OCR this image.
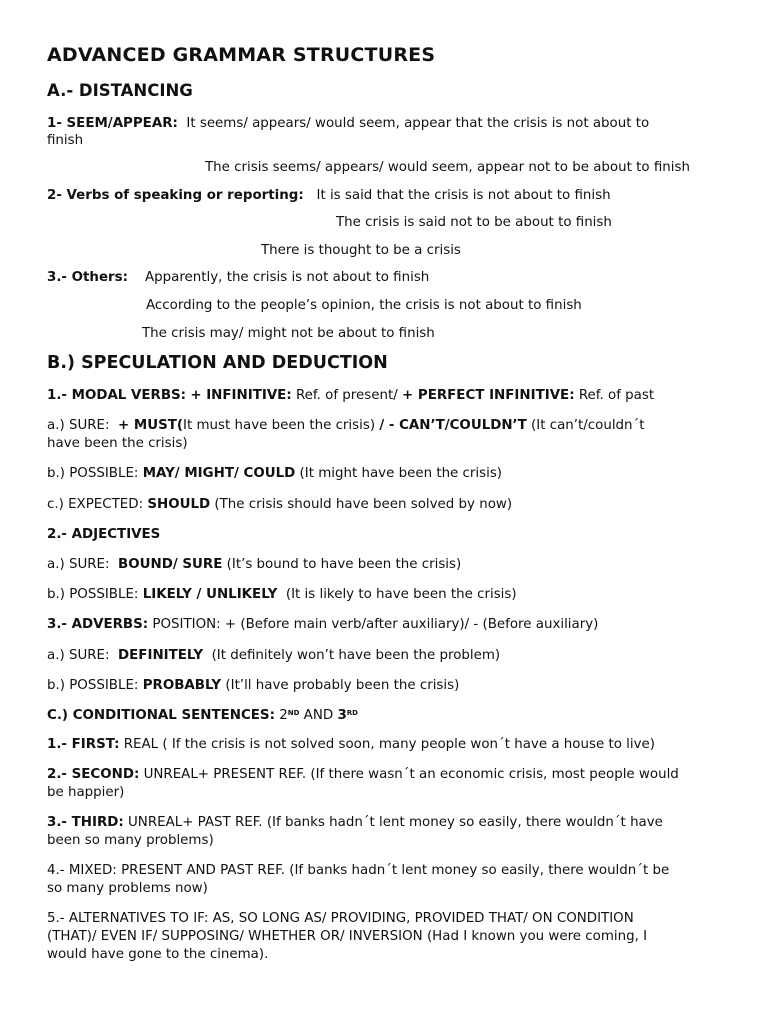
ADVANCED GRAMMAR STRUCTURES
A.- DISTANCING
1- SEEM/APPEAR: It seems/ appears/ would seem, appear that the crisis is not about to
finish
The crisis seems/ appears/ would seem, appear not to be about to finish
2- Verbs of speaking or reporting: It is said that the crisis is not about to finish
The crisis is said not to be about to finish
There is thought to be a crisis
3.- Others: Apparently, the crisis is not about to finish
According to the people’s opinion, the crisis is not about to finish
The crisis may/ might not be about to finish
B.) SPECULATION AND DEDUCTION
1.- MODAL VERBS: + INFINITIVE: Ref. of present/ + PERFECT INFINITIVE: Ref. of past
a.) SURE: + MUST(It must have been the crisis) / - CAN’T/COULDN’T (It can’t/couldn´t
have been the crisis)
b.) POSSIBLE: MAY/ MIGHT/ COULD (It might have been the crisis)
c.) EXPECTED: SHOULD (The crisis should have been solved by now)
2.- ADJECTIVES
a.) SURE: BOUND/ SURE (It’s bound to have been the crisis)
b.) POSSIBLE: LIKELY / UNLIKELY (It is likely to have been the crisis)
3.- ADVERBS: POSITION: + (Before main verb/after auxiliary)/ - (Before auxiliary)
a.) SURE: DEFINITELY (It definitely won’t have been the problem)
b.) POSSIBLE: PROBABLY (It’ll have probably been the crisis)
C.) CONDITIONAL SENTENCES: 2ND AND 3RD
1.- FIRST: REAL ( If the crisis is not solved soon, many people won´t have a house to live)
2.- SECOND: UNREAL+ PRESENT REF. (If there wasn´t an economic crisis, most people would
be happier)
3.- THIRD: UNREAL+ PAST REF. (If banks hadn´t lent money so easily, there wouldn´t have
been so many problems)
4.- MIXED: PRESENT AND PAST REF. (If banks hadn´t lent money so easily, there wouldn´t be
so many problems now)
5.- ALTERNATIVES TO IF: AS, SO LONG AS/ PROVIDING, PROVIDED THAT/ ON CONDITION
(THAT)/ EVEN IF/ SUPPOSING/ WHETHER OR/ INVERSION (Had I known you were coming, I
would have gone to the cinema).
